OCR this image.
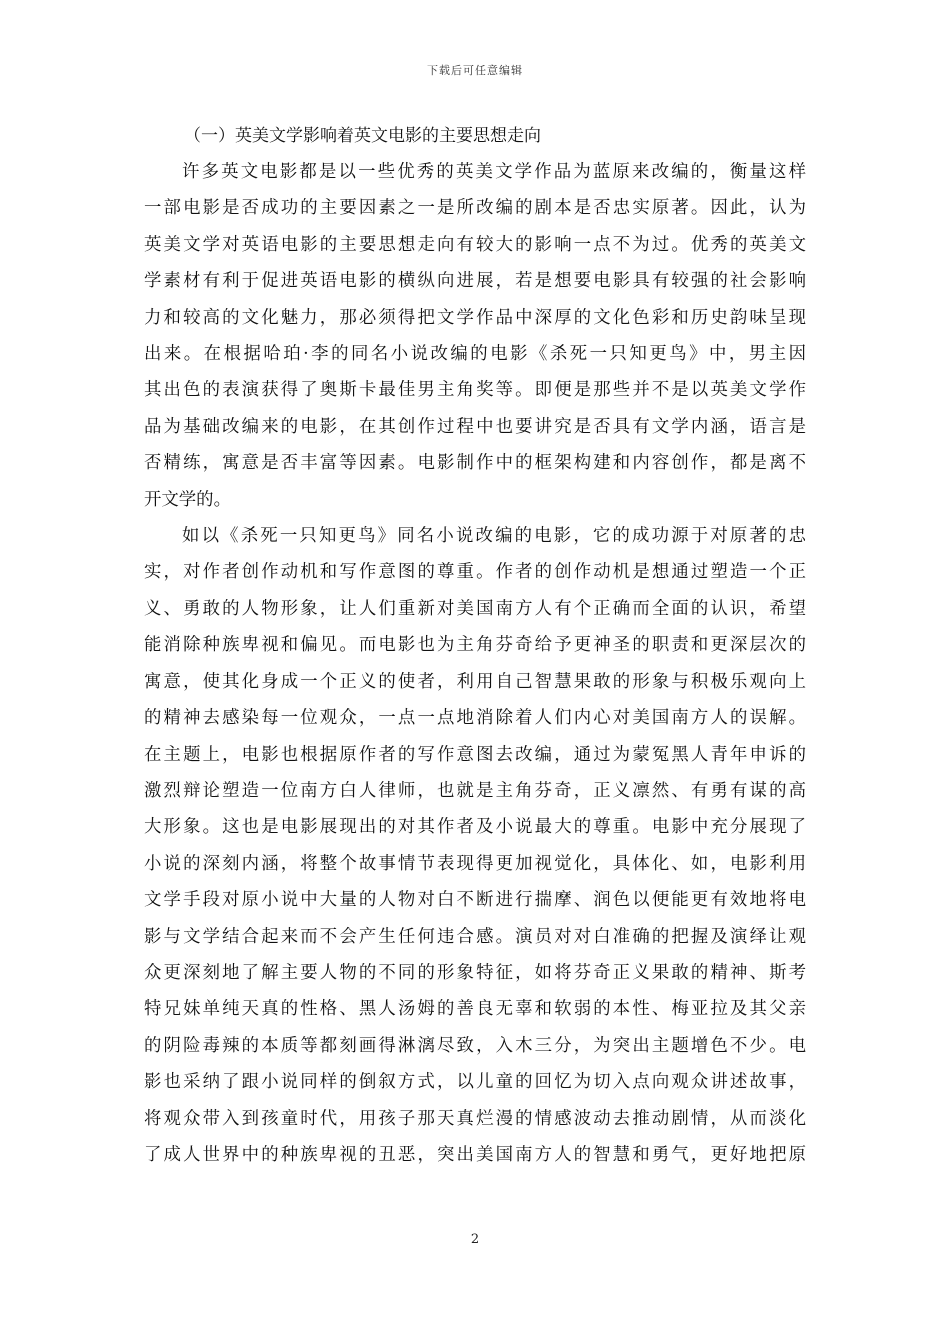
下载后可任意编辑
（一）英美文学影响着英文电影的主要思想走向
许多英文电影都是以一些优秀的英美文学作品为蓝原来改编的，衡量这样
一部电影是否成功的主要因素之一是所改编的剧本是否忠实原著。因此，认为
英美文学对英语电影的主要思想走向有较大的影响一点不为过。优秀的英美文
学素材有利于促进英语电影的横纵向进展，若是想要电影具有较强的社会影响
力和较高的文化魅力，那必须得把文学作品中深厚的文化色彩和历史韵味呈现
出来。在根据哈珀·李的同名小说改编的电影《杀死一只知更鸟》中，男主因
其出色的表演获得了奥斯卡最佳男主角奖等。即便是那些并不是以英美文学作
品为基础改编来的电影，在其创作过程中也要讲究是否具有文学内涵，语言是
否精练，寓意是否丰富等因素。电影制作中的框架构建和内容创作，都是离不
开文学的。
如以《杀死一只知更鸟》同名小说改编的电影，它的成功源于对原著的忠
实，对作者创作动机和写作意图的尊重。作者的创作动机是想通过塑造一个正
义、勇敢的人物形象，让人们重新对美国南方人有个正确而全面的认识，希望
能消除种族卑视和偏见。而电影也为主角芬奇给予更神圣的职责和更深层次的
寓意，使其化身成一个正义的使者，利用自己智慧果敢的形象与积极乐观向上
的精神去感染每一位观众，一点一点地消除着人们内心对美国南方人的误解。
在主题上，电影也根据原作者的写作意图去改编，通过为蒙冤黑人青年申诉的
激烈辩论塑造一位南方白人律师，也就是主角芬奇，正义凛然、有勇有谋的高
大形象。这也是电影展现出的对其作者及小说最大的尊重。电影中充分展现了
小说的深刻内涵，将整个故事情节表现得更加视觉化，具体化、如，电影利用
文学手段对原小说中大量的人物对白不断进行揣摩、润色以便能更有效地将电
影与文学结合起来而不会产生任何违合感。演员对对白准确的把握及演绎让观
众更深刻地了解主要人物的不同的形象特征，如将芬奇正义果敢的精神、斯考
特兄妹单纯天真的性格、黑人汤姆的善良无辜和软弱的本性、梅亚拉及其父亲
的阴险毒辣的本质等都刻画得淋漓尽致，入木三分，为突出主题增色不少。电
影也采纳了跟小说同样的倒叙方式，以儿童的回忆为切入点向观众讲述故事，
将观众带入到孩童时代，用孩子那天真烂漫的情感波动去推动剧情，从而淡化
了成人世界中的种族卑视的丑恶，突出美国南方人的智慧和勇气，更好地把原
2
